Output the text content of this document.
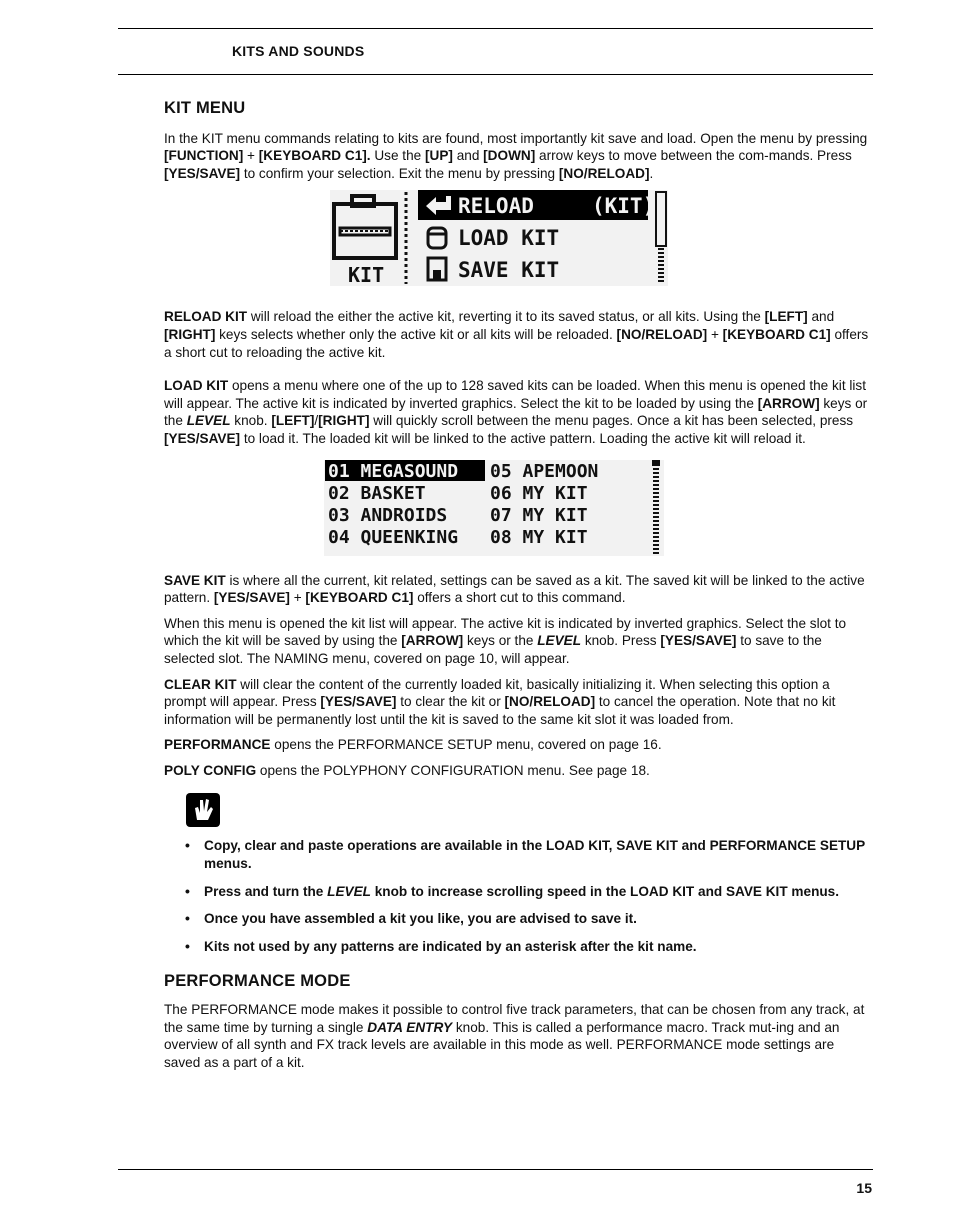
KITS AND SOUNDS
KIT MENU

In the KIT menu commands relating to kits are found, most importantly kit save and load. Open the menu by pressing [FUNCTION] + [KEYBOARD C1]. Use the [UP] and [DOWN] arrow keys to move between the com-mands. Press [YES/SAVE] to confirm your selection. Exit the menu by pressing [NO/RELOAD].

KIT
RELOAD	(KIT)
LOAD KIT
SAVE KIT

RELOAD KIT will reload the either the active kit, reverting it to its saved status, or all kits. Using the [LEFT] and [RIGHT] keys selects whether only the active kit or all kits will be reloaded. [NO/RELOAD] + [KEYBOARD C1] offers a short cut to reloading the active kit.

LOAD KIT opens a menu where one of the up to 128 saved kits can be loaded. When this menu is opened the kit list will appear. The active kit is indicated by inverted graphics. Select the kit to be loaded by using the [ARROW] keys or the LEVEL knob. [LEFT]/[RIGHT] will quickly scroll between the menu pages. Once a kit has been selected, press [YES/SAVE] to load it. The loaded kit will be linked to the active pattern. Loading the active kit will reload it.

01 MEGASOUND
02 BASKET
03 ANDROIDS
04 QUEENKING
05 APEMOON
06 MY KIT
07 MY KIT
08 MY KIT

SAVE KIT is where all the current, kit related, settings can be saved as a kit. The saved kit will be linked to the active pattern. [YES/SAVE] + [KEYBOARD C1] offers a short cut to this command.

When this menu is opened the kit list will appear. The active kit is indicated by inverted graphics. Select the slot to which the kit will be saved by using the [ARROW] keys or the LEVEL knob. Press [YES/SAVE] to save to the selected slot. The NAMING menu, covered on page 10, will appear.

CLEAR KIT will clear the content of the currently loaded kit, basically initializing it. When selecting this option a prompt will appear. Press [YES/SAVE] to clear the kit or [NO/RELOAD] to cancel the operation. Note that no kit information will be permanently lost until the kit is saved to the same kit slot it was loaded from.

PERFORMANCE opens the PERFORMANCE SETUP menu, covered on page 16.

POLY CONFIG opens the POLYPHONY CONFIGURATION menu. See page 18.

• Copy, clear and paste operations are available in the LOAD KIT, SAVE KIT and PERFORMANCE SETUP menus.
• Press and turn the LEVEL knob to increase scrolling speed in the LOAD KIT and SAVE KIT menus.
• Once you have assembled a kit you like, you are advised to save it.
• Kits not used by any patterns are indicated by an asterisk after the kit name.
PERFORMANCE MODE

The PERFORMANCE mode makes it possible to control five track parameters, that can be chosen from any track, at the same time by turning a single DATA ENTRY knob. This is called a performance macro. Track mut-ing and an overview of all synth and FX track levels are available in this mode as well. PERFORMANCE mode settings are saved as a part of a kit.

15
